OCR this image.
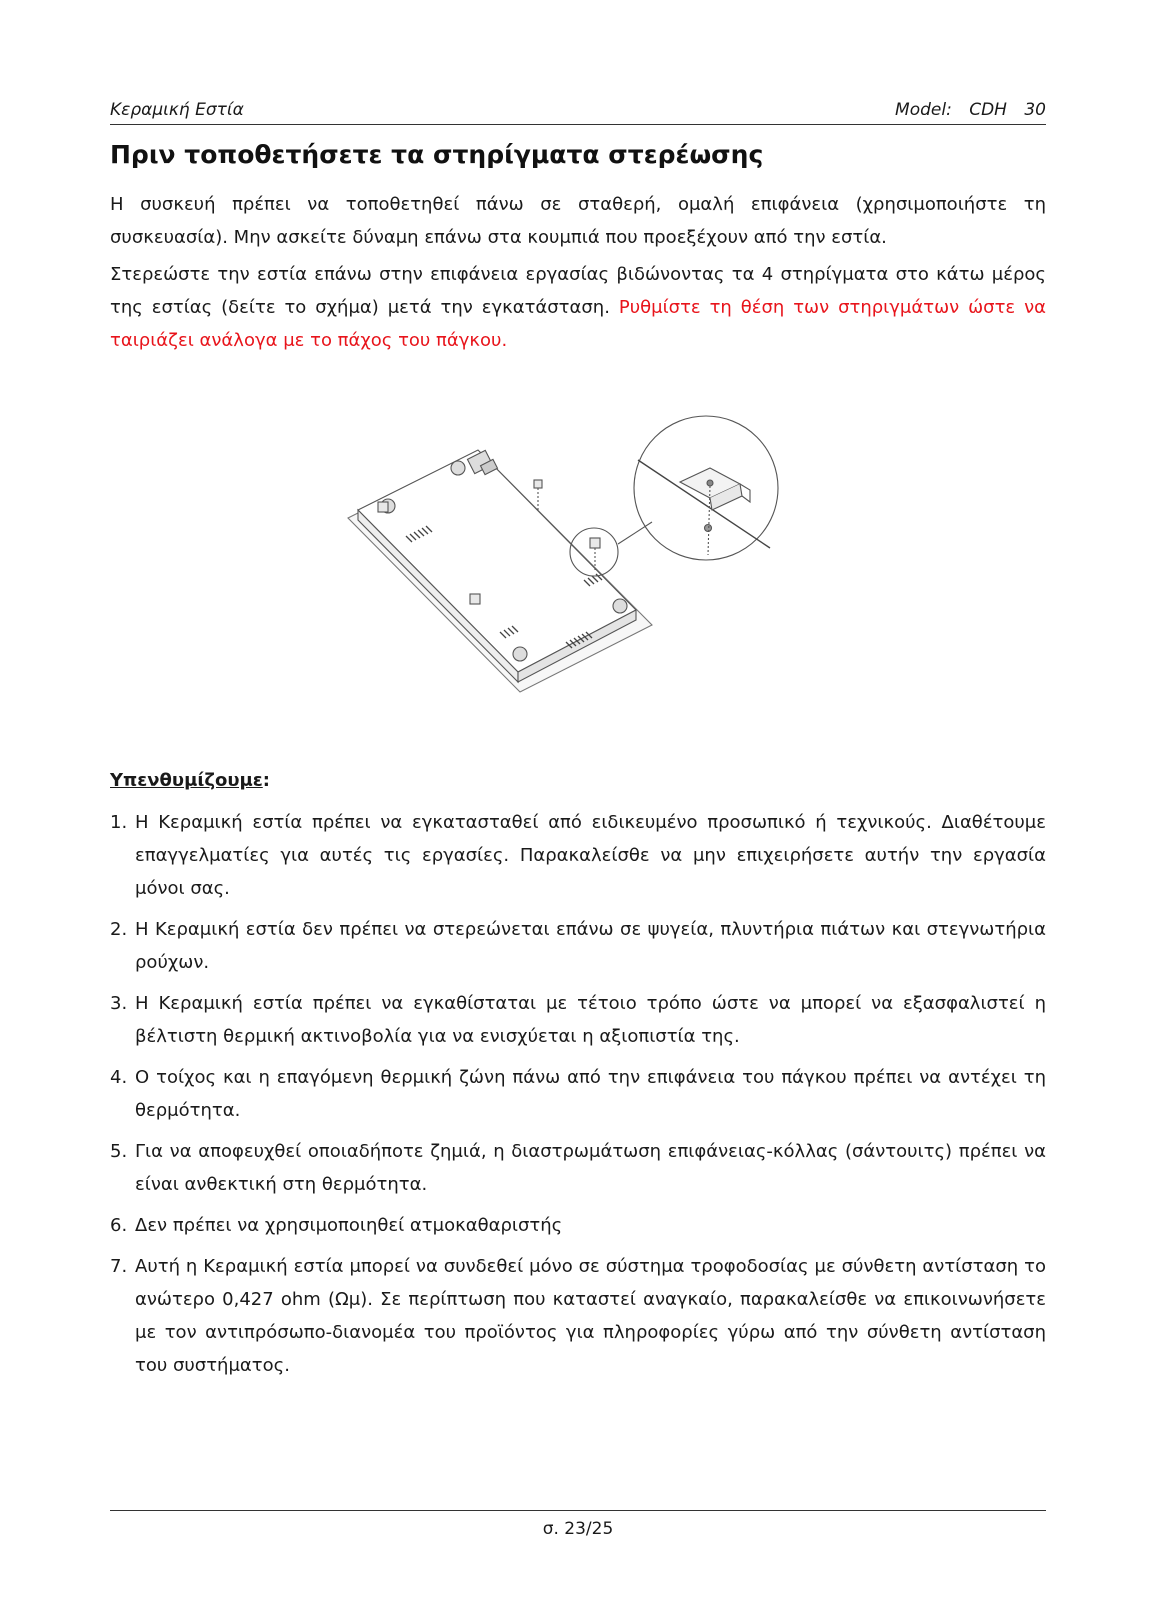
Κεραμική Εστία	Model: CDH 30
Πριν τοποθετήσετε τα στηρίγματα στερέωσης

Η συσκευή πρέπει να τοποθετηθεί πάνω σε σταθερή, ομαλή επιφάνεια (χρησιμοποιήστε τη συσκευασία). Μην ασκείτε δύναμη επάνω στα κουμπιά που προεξέχουν από την εστία.

Στερεώστε την εστία επάνω στην επιφάνεια εργασίας βιδώνοντας τα 4 στηρίγματα στο κάτω μέρος της εστίας (δείτε το σχήμα) μετά την εγκατάσταση. Ρυθμίστε τη θέση των στηριγμάτων ώστε να ταιριάζει ανάλογα με το πάχος του πάγκου.

Υπενθυμίζουμε:

1. Η Κεραμική εστία πρέπει να εγκατασταθεί από ειδικευμένο προσωπικό ή τεχνικούς. Διαθέτουμε επαγγελματίες για αυτές τις εργασίες. Παρακαλείσθε να μην επιχειρήσετε αυτήν την εργασία μόνοι σας.
2. Η Κεραμική εστία δεν πρέπει να στερεώνεται επάνω σε ψυγεία, πλυντήρια πιάτων και στεγνωτήρια ρούχων.
3. Η Κεραμική εστία πρέπει να εγκαθίσταται με τέτοιο τρόπο ώστε να μπορεί να εξασφαλιστεί η βέλτιστη θερμική ακτινοβολία για να ενισχύεται η αξιοπιστία της.
4. Ο τοίχος και η επαγόμενη θερμική ζώνη πάνω από την επιφάνεια του πάγκου πρέπει να αντέχει τη θερμότητα.
5. Για να αποφευχθεί οποιαδήποτε ζημιά, η διαστρωμάτωση επιφάνειας-κόλλας (σάντουιτς) πρέπει να είναι ανθεκτική στη θερμότητα.
6. Δεν πρέπει να χρησιμοποιηθεί ατμοκαθαριστής
7. Αυτή η Κεραμική εστία μπορεί να συνδεθεί μόνο σε σύστημα τροφοδοσίας με σύνθετη αντίσταση το ανώτερο 0,427 ohm (Ωμ). Σε περίπτωση που καταστεί αναγκαίο, παρακαλείσθε να επικοινωνήσετε με τον αντιπρόσωπο-διανομέα του προϊόντος για πληροφορίες γύρω από την σύνθετη αντίσταση του συστήματος.
σ. 23/25
